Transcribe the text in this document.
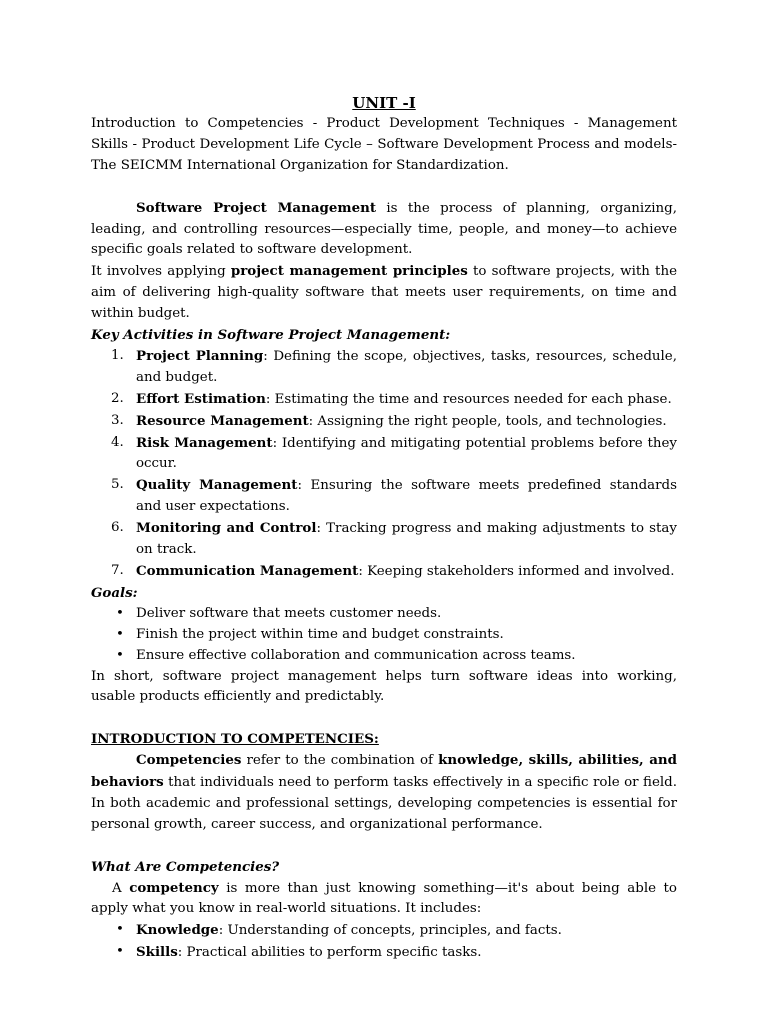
UNIT -I

Introduction to Competencies - Product Development Techniques - Management Skills - Product Development Life Cycle – Software Development Process and models-The SEICMM International Organization for Standardization.

Software Project Management is the process of planning, organizing, leading, and controlling resources—especially time, people, and money—to achieve specific goals related to software development.

It involves applying project management principles to software projects, with the aim of delivering high-quality software that meets user requirements, on time and within budget.

Key Activities in Software Project Management:

1. Project Planning: Defining the scope, objectives, tasks, resources, schedule, and budget.
2. Effort Estimation: Estimating the time and resources needed for each phase.
3. Resource Management: Assigning the right people, tools, and technologies.
4. Risk Management: Identifying and mitigating potential problems before they occur.
5. Quality Management: Ensuring the software meets predefined standards and user expectations.
6. Monitoring and Control: Tracking progress and making adjustments to stay on track.
7. Communication Management: Keeping stakeholders informed and involved.

Goals:

• Deliver software that meets customer needs.
• Finish the project within time and budget constraints.
• Ensure effective collaboration and communication across teams.

In short, software project management helps turn software ideas into working, usable products efficiently and predictably.

INTRODUCTION TO COMPETENCIES:

Competencies refer to the combination of knowledge, skills, abilities, and behaviors that individuals need to perform tasks effectively in a specific role or field. In both academic and professional settings, developing competencies is essential for personal growth, career success, and organizational performance.

What Are Competencies?

A competency is more than just knowing something—it's about being able to apply what you know in real-world situations. It includes:

• Knowledge: Understanding of concepts, principles, and facts.
• Skills: Practical abilities to perform specific tasks.
